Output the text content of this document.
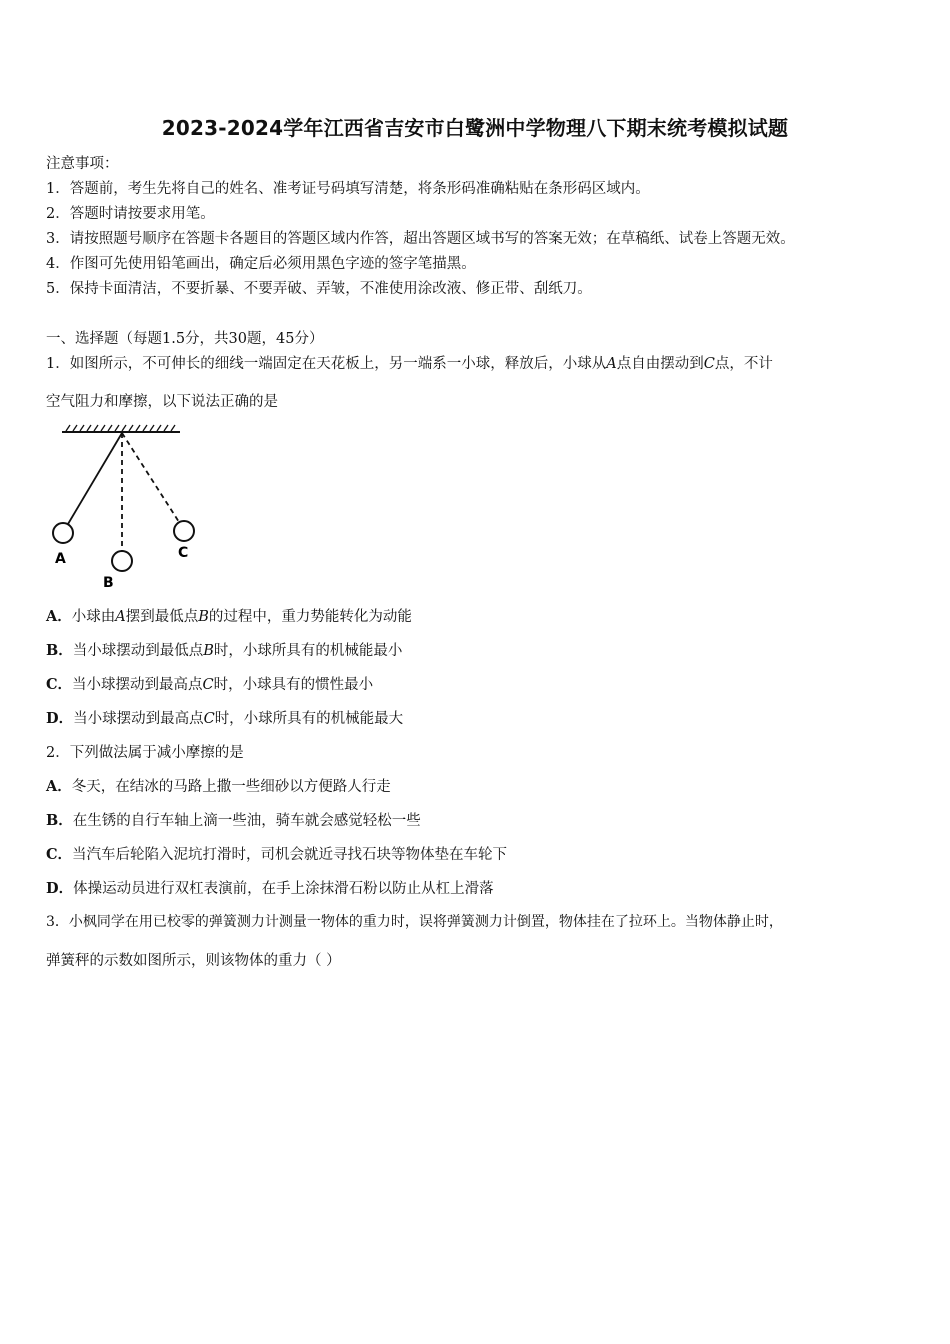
2023-2024学年江西省吉安市白鹭洲中学物理八下期末统考模拟试题
注意事项：
1．答题前，考生先将自己的姓名、准考证号码填写清楚，将条形码准确粘贴在条形码区域内。
2．答题时请按要求用笔。
3．请按照题号顺序在答题卡各题目的答题区域内作答，超出答题区域书写的答案无效；在草稿纸、试卷上答题无效。
4．作图可先使用铅笔画出，确定后必须用黑色字迹的签字笔描黑。
5．保持卡面清洁，不要折暴、不要弄破、弄皱，不准使用涂改液、修正带、刮纸刀。
一、选择题（每题1.5分，共30题，45分）
1．如图所示，不可伸长的细线一端固定在天花板上，另一端系一小球，释放后，小球从A点自由摆动到C点，不计
空气阻力和摩擦，以下说法正确的是
A
B
C
A．小球由A摆到最低点B的过程中，重力势能转化为动能
B．当小球摆动到最低点B时，小球所具有的机械能最小
C．当小球摆动到最高点C时，小球具有的惯性最小
D．当小球摆动到最高点C时，小球所具有的机械能最大
2．下列做法属于减小摩擦的是
A．冬天，在结冰的马路上撒一些细砂以方便路人行走
B．在生锈的自行车轴上滴一些油，骑车就会感觉轻松一些
C．当汽车后轮陷入泥坑打滑时，司机会就近寻找石块等物体垫在车轮下
D．体操运动员进行双杠表演前，在手上涂抹滑石粉以防止从杠上滑落
3．小枫同学在用已校零的弹簧测力计测量一物体的重力时，误将弹簧测力计倒置，物体挂在了拉环上。当物体静止时，
弹簧秤的示数如图所示，则该物体的重力（ ）
